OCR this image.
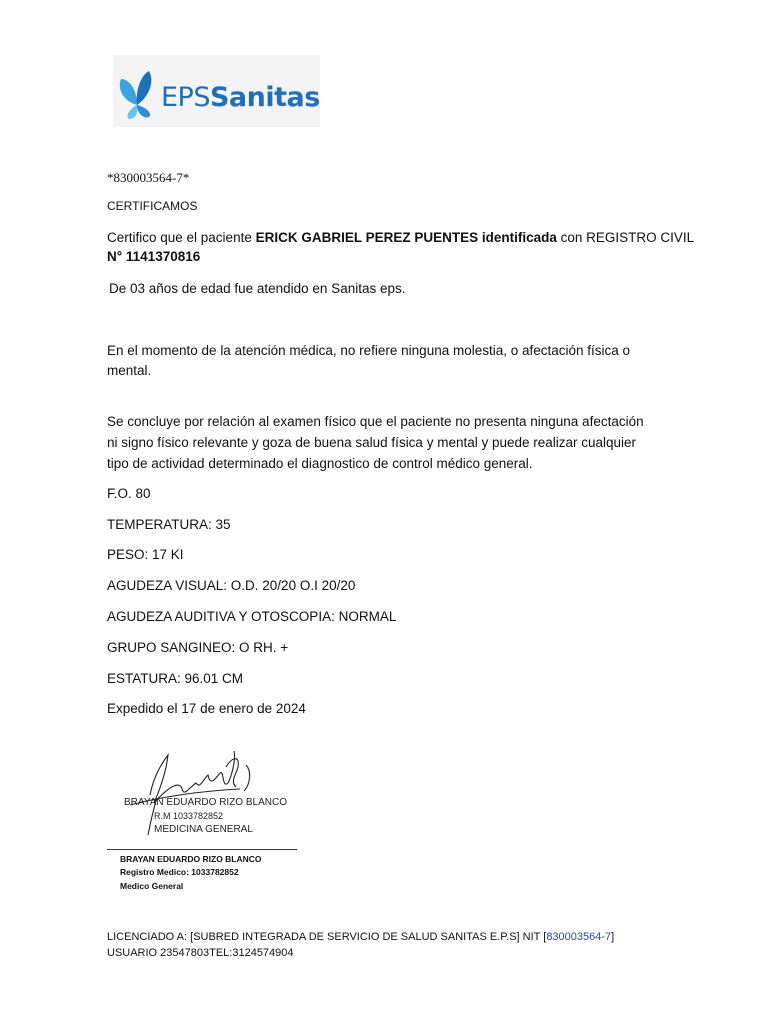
EPSSanitas
*830003564-7*
CERTIFICAMOS
Certifico que el paciente ERICK GABRIEL PEREZ PUENTES identificada con REGISTRO CIVIL
N° 1141370816
De 03 años de edad fue atendido en Sanitas eps.
En el momento de la atención médica, no refiere ninguna molestia, o afectación física o
mental.
Se concluye por relación al examen físico que el paciente no presenta ninguna afectación
ni signo físico relevante y goza de buena salud física y mental y puede realizar cualquier
tipo de actividad determinado el diagnostico de control médico general.
F.O. 80
TEMPERATURA: 35
PESO: 17 KI
AGUDEZA VISUAL: O.D. 20/20 O.I 20/20
AGUDEZA AUDITIVA Y OTOSCOPIA: NORMAL
GRUPO SANGINEO: O RH. +
ESTATURA: 96.01 CM
Expedido el 17 de enero de 2024
BRAYAN EDUARDO RIZO BLANCO
R.M 1033782852
MEDICINA GENERAL
BRAYAN EDUARDO RIZO BLANCO
Registro Medico: 1033782852
Medico General
LICENCIADO A: [SUBRED INTEGRADA DE SERVICIO DE SALUD SANITAS E.P.S] NIT [830003564-7]
USUARIO 23547803TEL:3124574904
